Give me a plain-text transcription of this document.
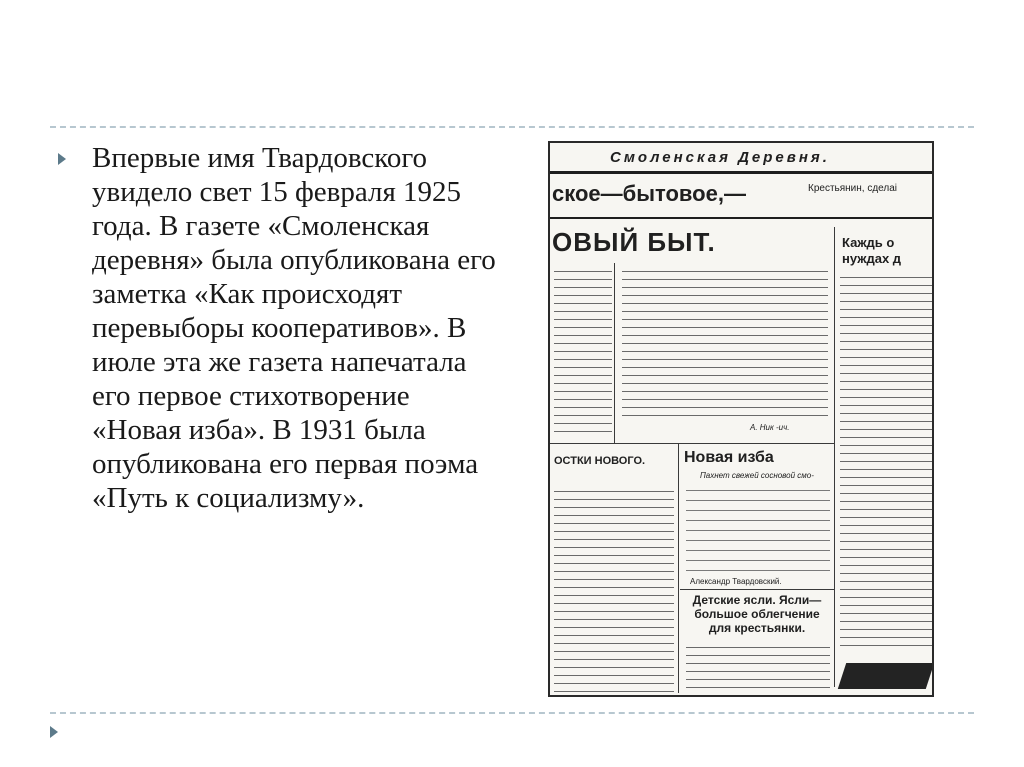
Впервые имя Твардовского увидело свет 15 февраля 1925 года. В газете «Смоленская деревня» была опубликована его заметка «Как происходят перевыборы кооперативов». В июле эта же газета напечатала его первое стихотворение «Новая изба». В 1931 была опубликована его первая поэма «Путь к социализму».

Смоленская Деревня.
ское—бытовое,—	Крестьянин, сделаі
ОВЫЙ БЫТ.	Каждь о нуждах д
А. Ник -ич.
ОСТКИ НОВОГО. Новая изба
Пахнет свежей сосновой смо-
Александр Твардовский.
Детские ясли. Ясли—большое облегчение для крестьянки.
